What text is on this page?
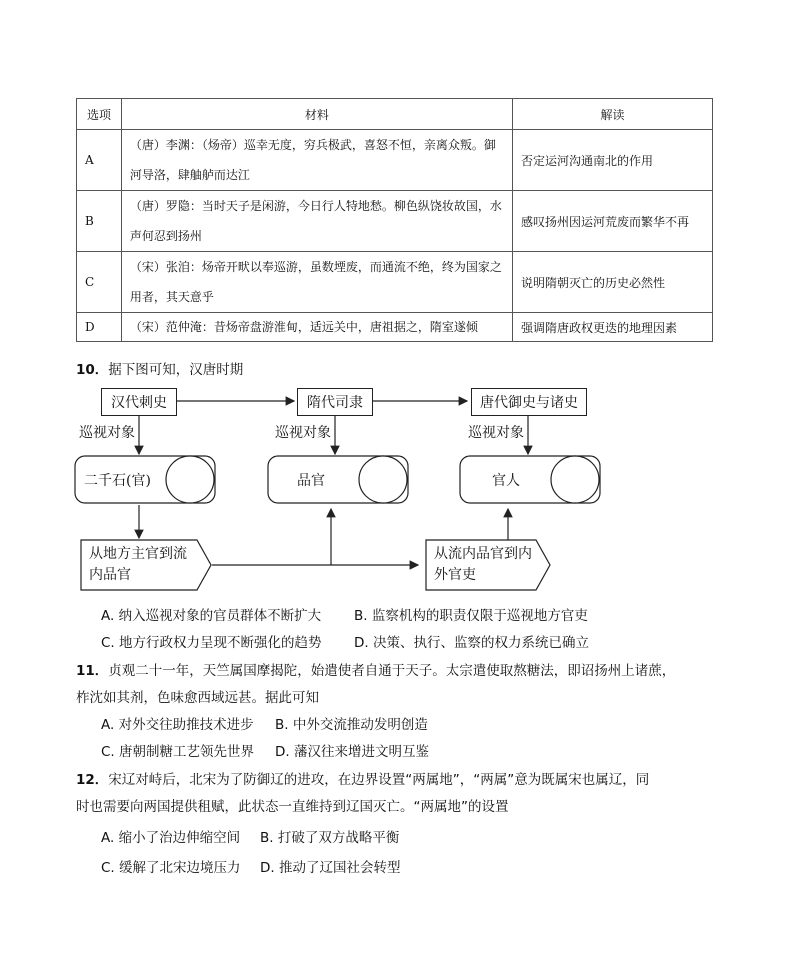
选项	材料	解读
A	（唐）李渊：（炀帝）巡幸无度，穷兵极武，喜怒不恒，亲离众叛。御河导洛，肆舳舻而达江	否定运河沟通南北的作用
B	（唐）罗隐：当时天子是闲游，今日行人特地愁。柳色纵饶妆故国，水声何忍到扬州	感叹扬州因运河荒废而繁华不再
C	（宋）张洎：炀帝开畎以奉巡游，虽数堙废，而通流不绝，终为国家之用者，其天意乎	说明隋朝灭亡的历史必然性
D	（宋）范仲淹：昔炀帝盘游淮甸，适远关中，唐祖据之，隋室遂倾	强调隋唐政权更迭的地理因素
10．据下图可知，汉唐时期
汉代刺史	隋代司隶	唐代御史与诸史
巡视对象	巡视对象	巡视对象
二千石(官)	品官	官人
从地方主官到流内品官
从流内品官到内外官吏
A. 纳入巡视对象的官员群体不断扩大 B. 监察机构的职责仅限于巡视地方官吏
C. 地方行政权力呈现不断强化的趋势 D. 决策、执行、监察的权力系统已确立
11．贞观二十一年，天竺属国摩揭陀，始遣使者自通于天子。太宗遣使取熬糖法，即诏扬州上诸蔗，
柞沈如其剂，色味愈西域远甚。据此可知
A. 对外交往助推技术进步 B. 中外交流推动发明创造
C. 唐朝制糖工艺领先世界 D. 藩汉往来增进文明互鉴
12．宋辽对峙后，北宋为了防御辽的进攻，在边界设置“两属地”，“两属”意为既属宋也属辽，同
时也需要向两国提供租赋，此状态一直维持到辽国灭亡。“两属地”的设置
A. 缩小了治边伸缩空间 B. 打破了双方战略平衡
C. 缓解了北宋边境压力 D. 推动了辽国社会转型
